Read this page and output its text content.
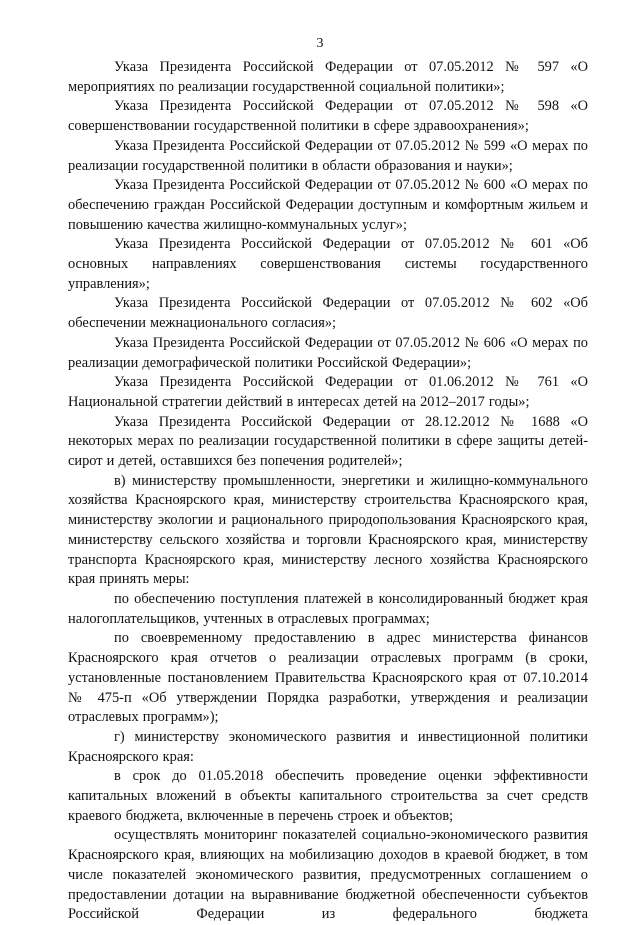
3

Указа Президента Российской Федерации от 07.05.2012 № 597 «О мероприятиях по реализации государственной социальной политики»;

Указа Президента Российской Федерации от 07.05.2012 № 598 «О совершенствовании государственной политики в сфере здравоохранения»;

Указа Президента Российской Федерации от 07.05.2012 № 599 «О мерах по реализации государственной политики в области образования и науки»;

Указа Президента Российской Федерации от 07.05.2012 № 600 «О мерах по обеспечению граждан Российской Федерации доступным и комфортным жильем и повышению качества жилищно-коммунальных услуг»;

Указа Президента Российской Федерации от 07.05.2012 № 601 «Об основных направлениях совершенствования системы государственного управления»;

Указа Президента Российской Федерации от 07.05.2012 № 602 «Об обеспечении межнационального согласия»;

Указа Президента Российской Федерации от 07.05.2012 № 606 «О мерах по реализации демографической политики Российской Федерации»;

Указа Президента Российской Федерации от 01.06.2012 № 761 «О Национальной стратегии действий в интересах детей на 2012–2017 годы»;

Указа Президента Российской Федерации от 28.12.2012 № 1688 «О некоторых мерах по реализации государственной политики в сфере защиты детей-сирот и детей, оставшихся без попечения родителей»;

в) министерству промышленности, энергетики и жилищно-коммунального хозяйства Красноярского края, министерству строительства Красноярского края, министерству экологии и рационального природопользования Красноярского края, министерству сельского хозяйства и торговли Красноярского края, министерству транспорта Красноярского края, министерству лесного хозяйства Красноярского края принять меры:

по обеспечению поступления платежей в консолидированный бюджет края налогоплательщиков, учтенных в отраслевых программах;

по своевременному предоставлению в адрес министерства финансов Красноярского края отчетов о реализации отраслевых программ (в сроки, установленные постановлением Правительства Красноярского края от 07.10.2014 № 475-п «Об утверждении Порядка разработки, утверждения и реализации отраслевых программ»);

г) министерству экономического развития и инвестиционной политики Красноярского края:

в срок до 01.05.2018 обеспечить проведение оценки эффективности капитальных вложений в объекты капитального строительства за счет средств краевого бюджета, включенные в перечень строек и объектов;

осуществлять мониторинг показателей социально-экономического развития Красноярского края, влияющих на мобилизацию доходов в краевой бюджет, в том числе показателей экономического развития, предусмотренных соглашением о предоставлении дотации на выравнивание бюджетной обеспеченности субъектов Российской Федерации из федерального бюджета
